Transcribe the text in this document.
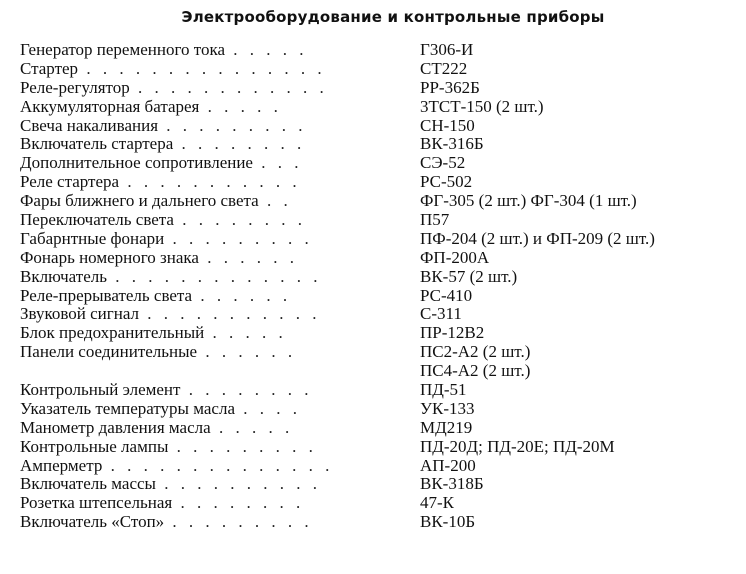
Электрооборудование и контрольные приборы
Генератор переменного тока . . . . .	Г306-И
Стартер . . . . . . . . . . . . . . .	СТ222
Реле-регулятор . . . . . . . . . . . .	РР-362Б
Аккумуляторная батарея . . . . .	3ТСТ-150 (2 шт.)
Свеча накаливания . . . . . . . . .	СН-150
Включатель стартера . . . . . . . .	ВК-316Б
Дополнительное сопротивление . . .	СЭ-52
Реле стартера . . . . . . . . . . .	РС-502
Фары ближнего и дальнего света . .	ФГ-305 (2 шт.) ФГ-304 (1 шт.)
Переключатель света . . . . . . . .	П57
Габарнтные фонари . . . . . . . . .	ПФ-204 (2 шт.) и ФП-209 (2 шт.)
Фонарь номерного знака . . . . . .	ФП-200А
Включатель . . . . . . . . . . . . .	ВК-57 (2 шт.)
Реле-прерыватель света . . . . . .	РС-410
Звуковой сигнал . . . . . . . . . . .	С-311
Блок предохранительный . . . . .	ПР-12В2
Панели соединительные . . . . . .	ПС2-А2 (2 шт.)
ПС4-А2 (2 шт.)
Контрольный элемент . . . . . . . .	ПД-51
Указатель температуры масла . . . .	УК-133
Манометр давления масла . . . . .	МД219
Контрольные лампы . . . . . . . . .	ПД-20Д; ПД-20Е; ПД-20М
Амперметр . . . . . . . . . . . . . .	АП-200
Включатель массы . . . . . . . . . .	ВК-318Б
Розетка штепсельная . . . . . . . .	47-К
Включатель «Стоп» . . . . . . . . .	ВК-10Б
